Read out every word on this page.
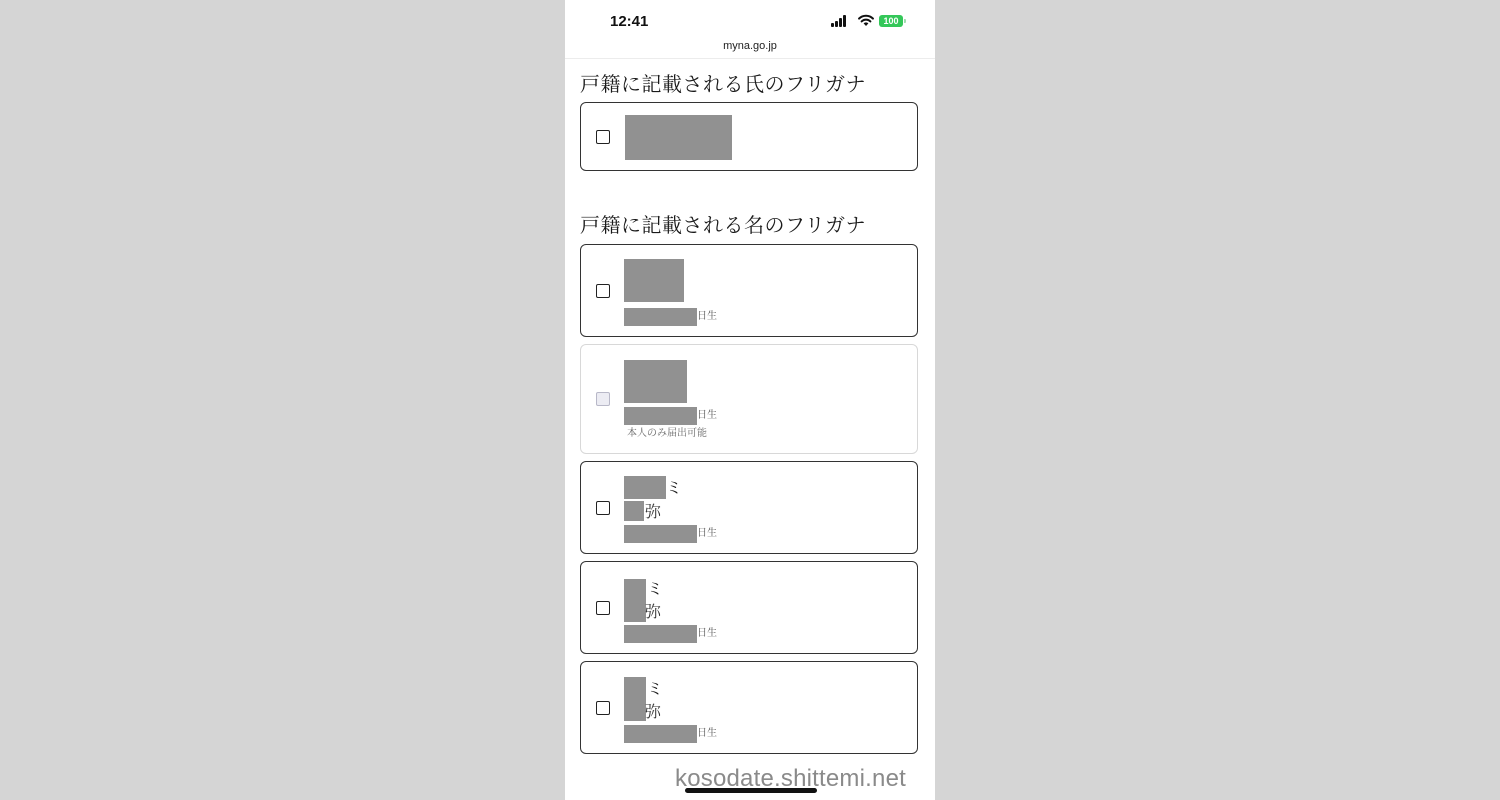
12:41	100
myna.go.jp
戸籍に記載される氏のフリガナ
戸籍に記載される名のフリガナ
日生
日生
本人のみ届出可能
ミ
弥
日生
ミ
弥
日生
ミ
弥
日生
kosodate.shittemi.net
